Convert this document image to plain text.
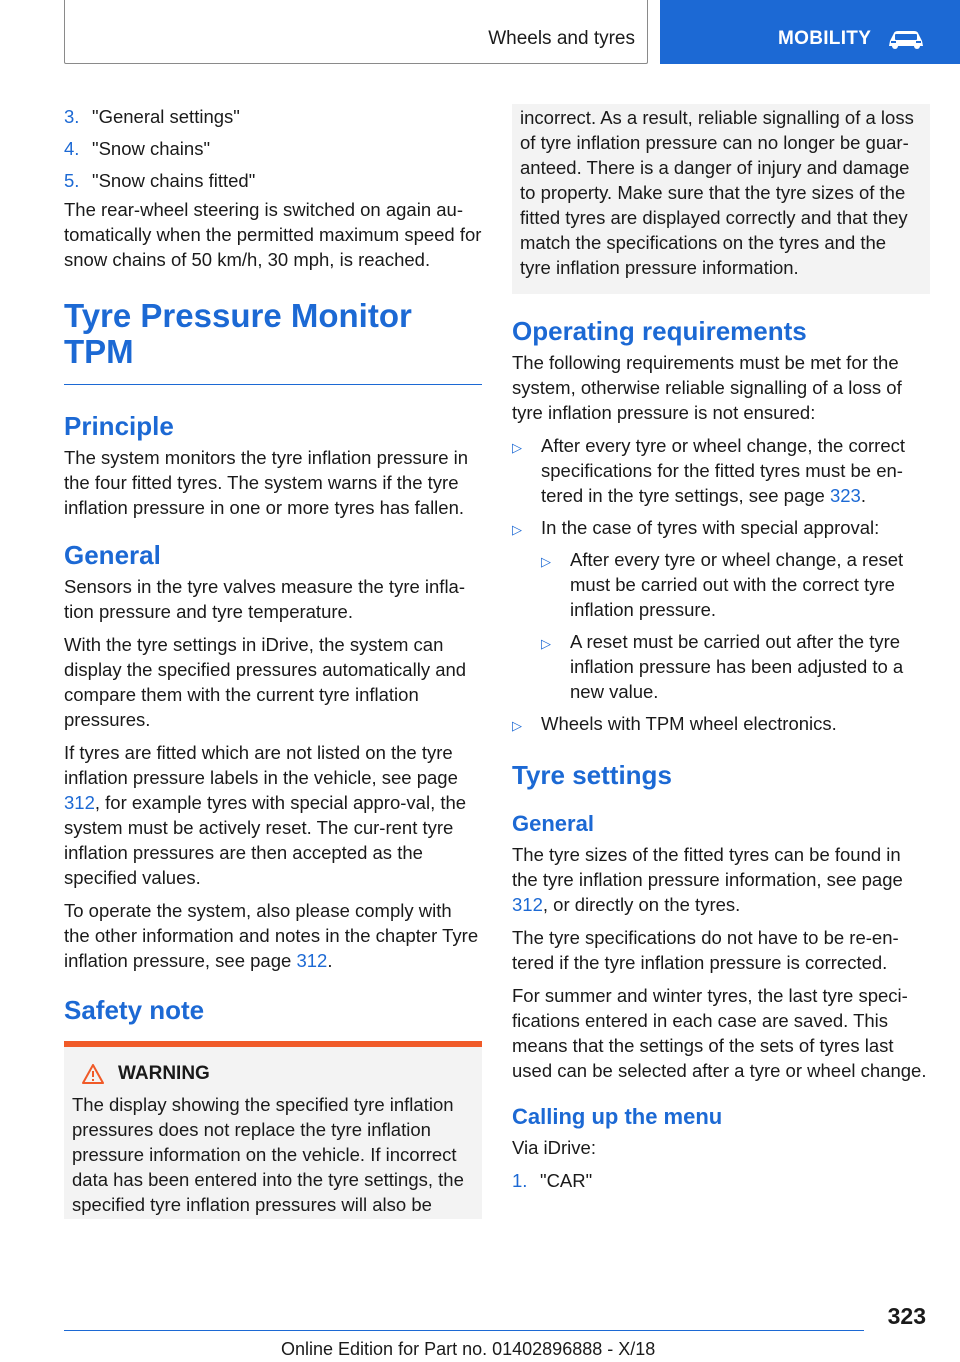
Wheels and tyres	MOBILITY
3. "General settings"
4. "Snow chains"
5. "Snow chains fitted"

The rear-wheel steering is switched on again au-tomatically when the permitted maximum speed for snow chains of 50 km/h, 30 mph, is reached.

Tyre Pressure Monitor TPM
Principle

The system monitors the tyre inflation pressure in the four fitted tyres. The system warns if the tyre inflation pressure in one or more tyres has fallen.

General

Sensors in the tyre valves measure the tyre infla-tion pressure and tyre temperature.

With the tyre settings in iDrive, the system can display the specified pressures automatically and compare them with the current tyre inflation pressures.

If tyres are fitted which are not listed on the tyre inflation pressure labels in the vehicle, see page 312, for example tyres with special appro-val, the system must be actively reset. The cur-rent tyre inflation pressures are then accepted as the specified values.

To operate the system, also please comply with the other information and notes in the chapter Tyre inflation pressure, see page 312.

Safety note
WARNING

The display showing the specified tyre inflation pressures does not replace the tyre inflation pressure information on the vehicle. If incorrect data has been entered into the tyre settings, the specified tyre inflation pressures will also be

incorrect. As a result, reliable signalling of a loss of tyre inflation pressure can no longer be guar-anteed. There is a danger of injury and damage to property. Make sure that the tyre sizes of the fitted tyres are displayed correctly and that they match the specifications on the tyres and the tyre inflation pressure information.

Operating requirements

The following requirements must be met for the system, otherwise reliable signalling of a loss of tyre inflation pressure is not ensured:

▷	After every tyre or wheel change, the correct specifications for the fitted tyres must be en-tered in the tyre settings, see page 323.
▷	In the case of tyres with special approval:
▷	After every tyre or wheel change, a reset must be carried out with the correct tyre inflation pressure.
▷	A reset must be carried out after the tyre inflation pressure has been adjusted to a new value.
▷	Wheels with TPM wheel electronics.
Tyre settings
General

The tyre sizes of the fitted tyres can be found in the tyre inflation pressure information, see page 312, or directly on the tyres.

The tyre specifications do not have to be re-en-tered if the tyre inflation pressure is corrected.

For summer and winter tyres, the last tyre speci-fications entered in each case are saved. This means that the settings of the sets of tyres last used can be selected after a tyre or wheel change.

Calling up the menu

Via iDrive:

1. "CAR"
323
Online Edition for Part no. 01402896888 - X/18
